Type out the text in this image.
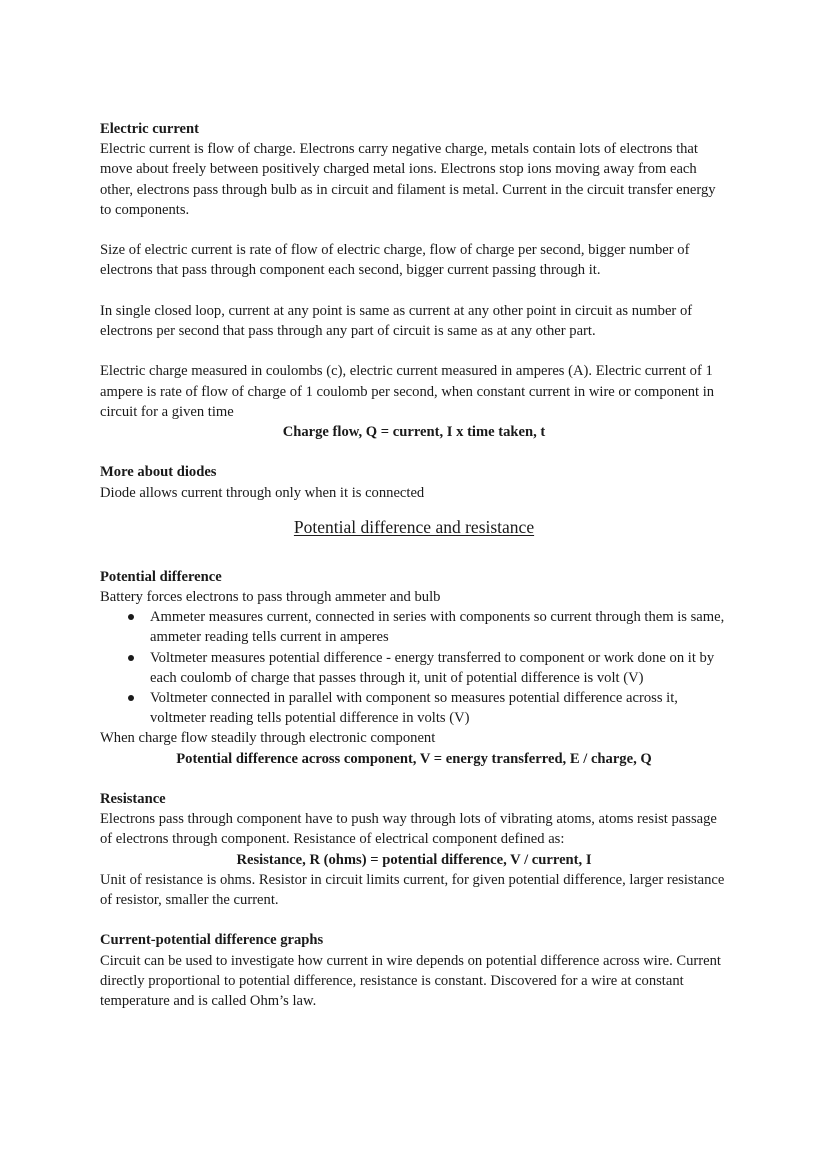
Electric current

Electric current is flow of charge. Electrons carry negative charge, metals contain lots of electrons that move about freely between positively charged metal ions. Electrons stop ions moving away from each other, electrons pass through bulb as in circuit and filament is metal. Current in the circuit transfer energy to components.

Size of electric current is rate of flow of electric charge, flow of charge per second, bigger number of electrons that pass through component each second, bigger current passing through it.

In single closed loop, current at any point is same as current at any other point in circuit as number of electrons per second that pass through any part of circuit is same as at any other part.

Electric charge measured in coulombs (c), electric current measured in amperes (A). Electric current of 1 ampere is rate of flow of charge of 1 coulomb per second, when constant current in wire or component in circuit for a given time

Charge flow, Q = current, I x time taken, t

More about diodes

Diode allows current through only when it is connected

Potential difference and resistance
Potential difference

Battery forces electrons to pass through ammeter and bulb

Ammeter measures current, connected in series with components so current through them is same, ammeter reading tells current in amperes
Voltmeter measures potential difference - energy transferred to component or work done on it by each coulomb of charge that passes through it, unit of potential difference is volt (V)
Voltmeter connected in parallel with component so measures potential difference across it, voltmeter reading tells potential difference in volts (V)

When charge flow steadily through electronic component

Potential difference across component, V = energy transferred, E / charge, Q

Resistance

Electrons pass through component have to push way through lots of vibrating atoms, atoms resist passage of electrons through component. Resistance of electrical component defined as:

Resistance, R (ohms) = potential difference, V / current, I

Unit of resistance is ohms. Resistor in circuit limits current, for given potential difference, larger resistance of resistor, smaller the current.

Current-potential difference graphs

Circuit can be used to investigate how current in wire depends on potential difference across wire. Current directly proportional to potential difference, resistance is constant. Discovered for a wire at constant temperature and is called Ohm’s law.
